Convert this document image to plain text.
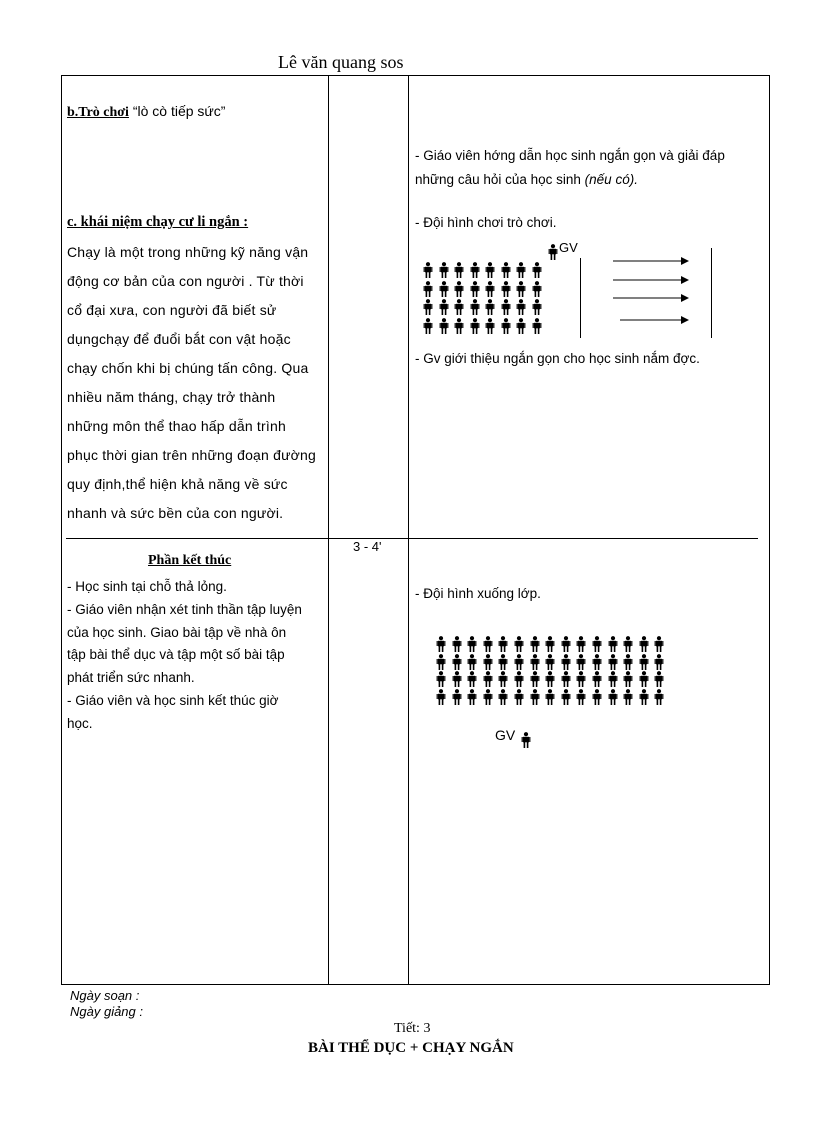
Lê văn quang sos
b.Trò chơi “lò cò tiếp sức”
c. khái niệm chạy cư li ngắn :
Chạy là một trong những kỹ năng vận
động cơ bản của con người . Từ thời
cổ đại xưa, con người đã biết sử
dụngchạy để đuổi bắt con vật hoặc
chạy chốn khi bị chúng tấn công. Qua
nhiều năm tháng, chạy trở thành
những môn thể thao hấp dẫn trình
phục thời gian trên những đoạn đường
quy định,thể hiện khả năng về sức
nhanh và sức bền của con người.
- Giáo viên hớng dẫn học sinh ngắn gọn và giải đáp
những câu hỏi của học sinh (nếu có).
- Đội hình chơi trò chơi.
GV
- Gv giới thiệu ngắn gọn cho học sinh nắm đợc.
3 - 4'
Phần kết thúc
- Học sinh tại chỗ thả lỏng.
- Giáo viên nhận xét tinh thần tập luyện
của học sinh. Giao bài tập về nhà ôn
tập bài thể dục và tập một số bài tập
phát triển sức nhanh.
- Giáo viên và học sinh kết thúc giờ
học.
- Đội hình xuống lớp.
GV
Ngày soạn :
Ngày giảng :
Tiết: 3
BÀI THỂ DỤC + CHẠY NGẮN
